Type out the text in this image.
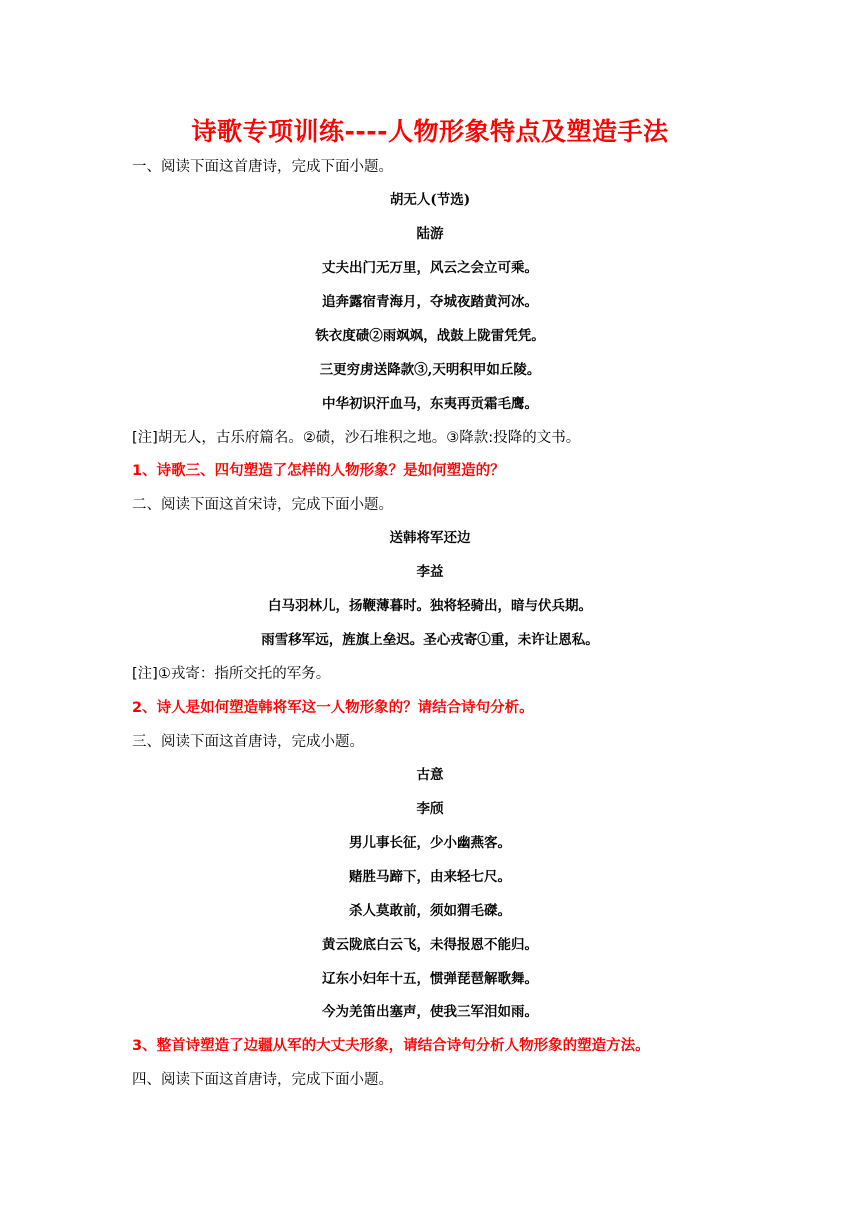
诗歌专项训练----人物形象特点及塑造手法
一、阅读下面这首唐诗，完成下面小题。
胡无人(节选)
陆游
丈夫出门无万里，风云之会立可乘。
追奔露宿青海月，夺城夜踏黄河冰。
铁衣度碛②雨飒飒，战鼓上陇雷凭凭。
三更穷虏送降款③,天明积甲如丘陵。
中华初识汗血马，东夷再贡霜毛鹰。
[注]胡无人，古乐府篇名。②碛，沙石堆积之地。③降款:投降的文书。
1、诗歌三、四句塑造了怎样的人物形象？是如何塑造的？
二、阅读下面这首宋诗，完成下面小题。
送韩将军还边
李益
白马羽林儿，扬鞭薄暮时。独将轻骑出，暗与伏兵期。
雨雪移军远，旌旗上垒迟。圣心戎寄①重，未许让恩私。
[注]①戎寄：指所交托的军务。
2、诗人是如何塑造韩将军这一人物形象的？请结合诗句分析。
三、阅读下面这首唐诗，完成小题。
古意
李颀
男儿事长征，少小幽燕客。
赌胜马蹄下，由来轻七尺。
杀人莫敢前，须如猬毛磔。
黄云陇底白云飞，未得报恩不能归。
辽东小妇年十五，惯弹琵琶解歌舞。
今为羌笛出塞声，使我三军泪如雨。
3、整首诗塑造了边疆从军的大丈夫形象，请结合诗句分析人物形象的塑造方法。
四、阅读下面这首唐诗，完成下面小题。
